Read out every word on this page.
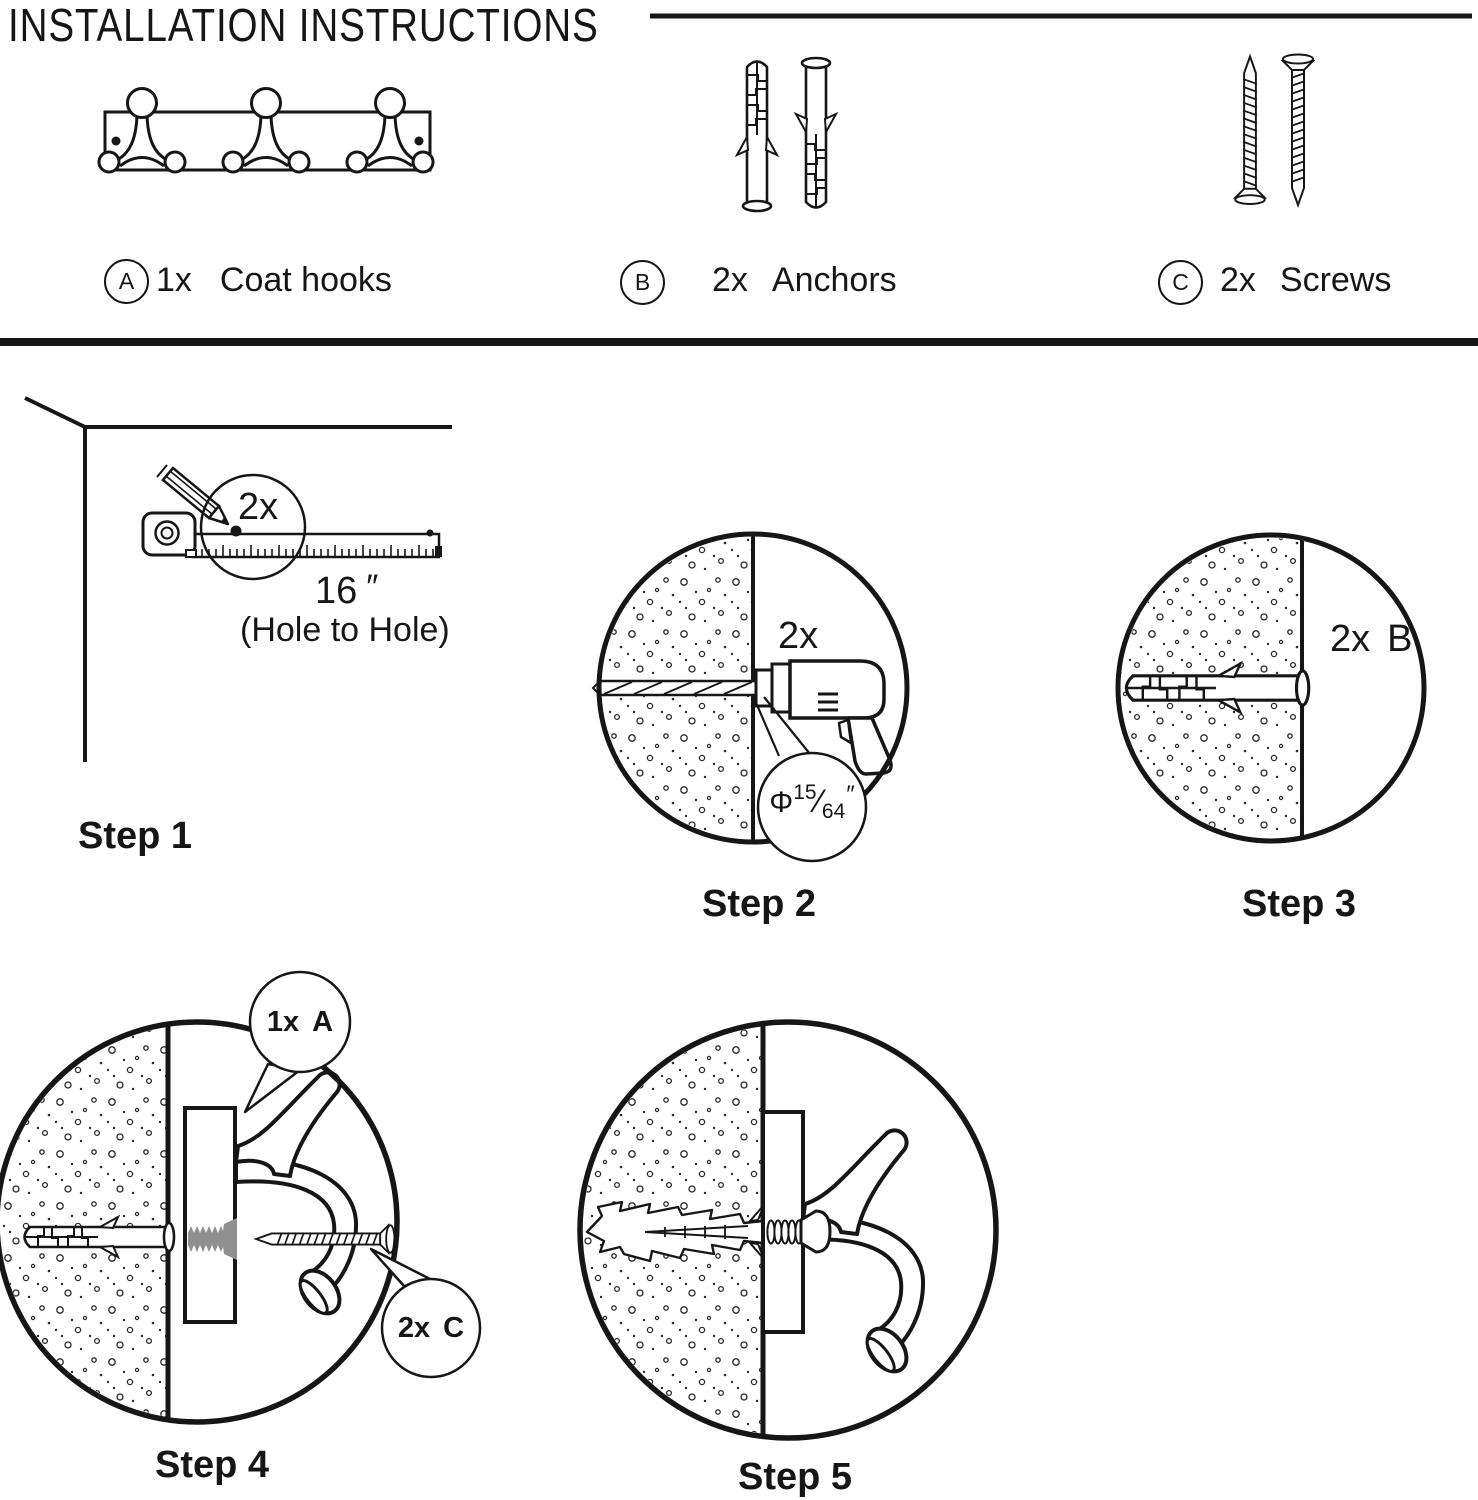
INSTALLATION INSTRUCTIONS
A 1x Coat hooks	B 2x Anchors	C 2x Screws
2x
16 ″
(Hole to Hole)
Step 1
2x
$\Phi^{15}⁄_{64}''$
Step 2
2x B
Step 3
1x A
2x C
Step 4	Step 5
